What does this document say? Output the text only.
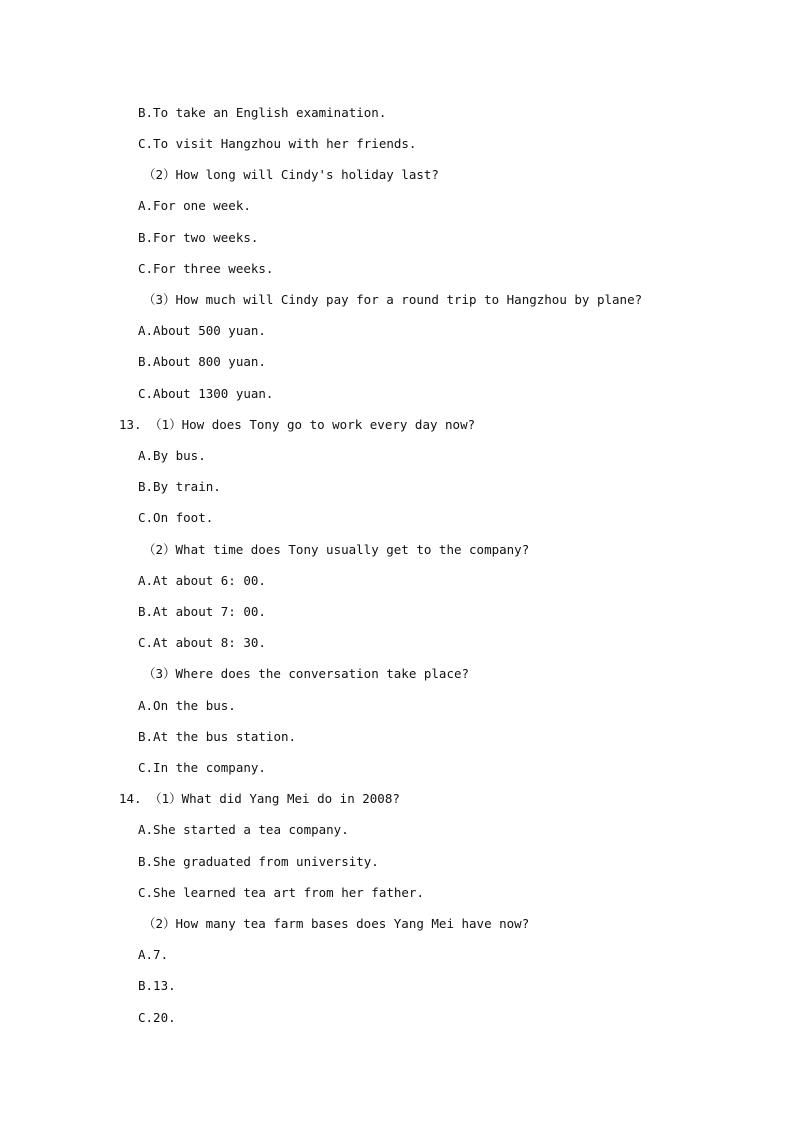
B.To take an English examination.
C.To visit Hangzhou with her friends.
（2）How long will Cindy's holiday last?
A.For one week.
B.For two weeks.
C.For three weeks.
（3）How much will Cindy pay for a round trip to Hangzhou by plane?
A.About 500 yuan.
B.About 800 yuan.
C.About 1300 yuan.
13. （1）How does Tony go to work every day now?
A.By bus.
B.By train.
C.On foot.
（2）What time does Tony usually get to the company?
A.At about 6: 00.
B.At about 7: 00.
C.At about 8: 30.
（3）Where does the conversation take place?
A.On the bus.
B.At the bus station.
C.In the company.
14. （1）What did Yang Mei do in 2008?
A.She started a tea company.
B.She graduated from university.
C.She learned tea art from her father.
（2）How many tea farm bases does Yang Mei have now?
A.7.
B.13.
C.20.
